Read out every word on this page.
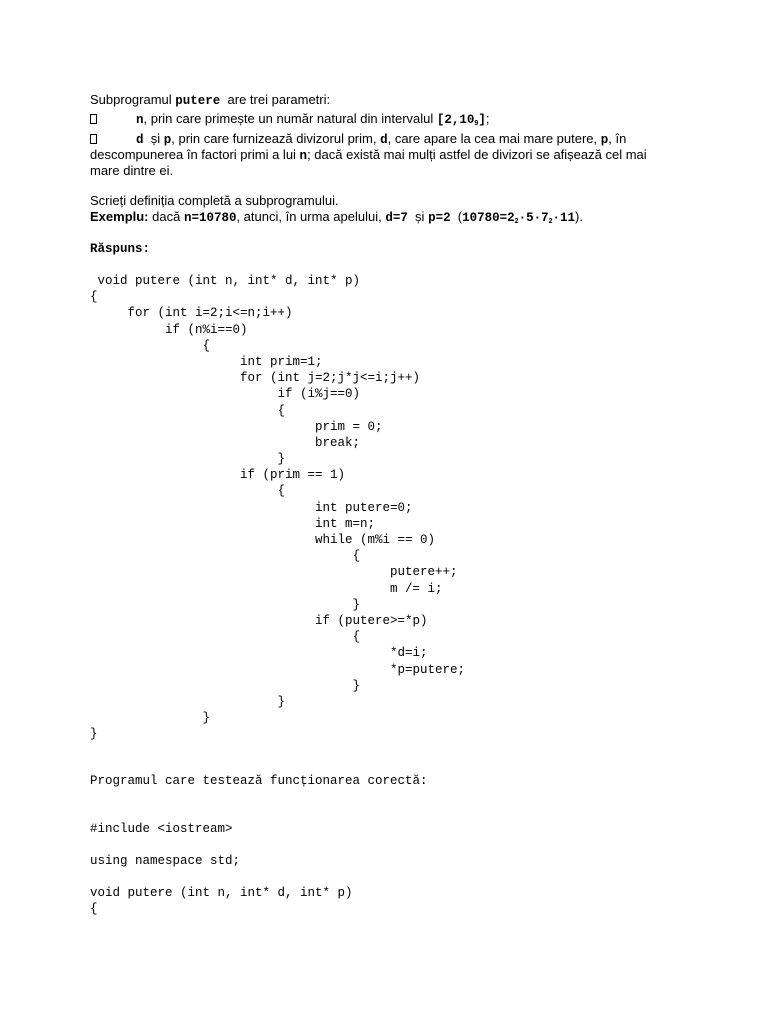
Subprogramul putere  are trei parametri:
n, prin care primește un număr natural din intervalul $[2,10_9]$;
d  și p, prin care furnizează divizorul prim, d, care apare la cea mai mare putere, p, în
descompunerea în factori primi a lui n; dacă există mai mulți astfel de divizori se afișează cel mai
mare dintre ei.
Scrieți definiția completă a subprogramului.
Exemplu: dacă n=10780, atunci, în urma apelului, d=7  și p=2  $(10780=2_2\cdot 5\cdot 7_2\cdot 11)$.
Răspuns:
void putere (int n, int* d, int* p)
{
for (int i=2;i<=n;i++)
if (n%i==0)
{
int prim=1;
for (int j=2;j*j<=i;j++)
if (i%j==0)
{
prim = 0;
break;
}
if (prim == 1)
{
int putere=0;
int m=n;
while (m%i == 0)
{
putere++;
m /= i;
}
if (putere>=*p)
{
*d=i;
*p=putere;
}
}
}
}
Programul care testează funcționarea corectă:
#include <iostream>
using namespace std;
void putere (int n, int* d, int* p)
{
